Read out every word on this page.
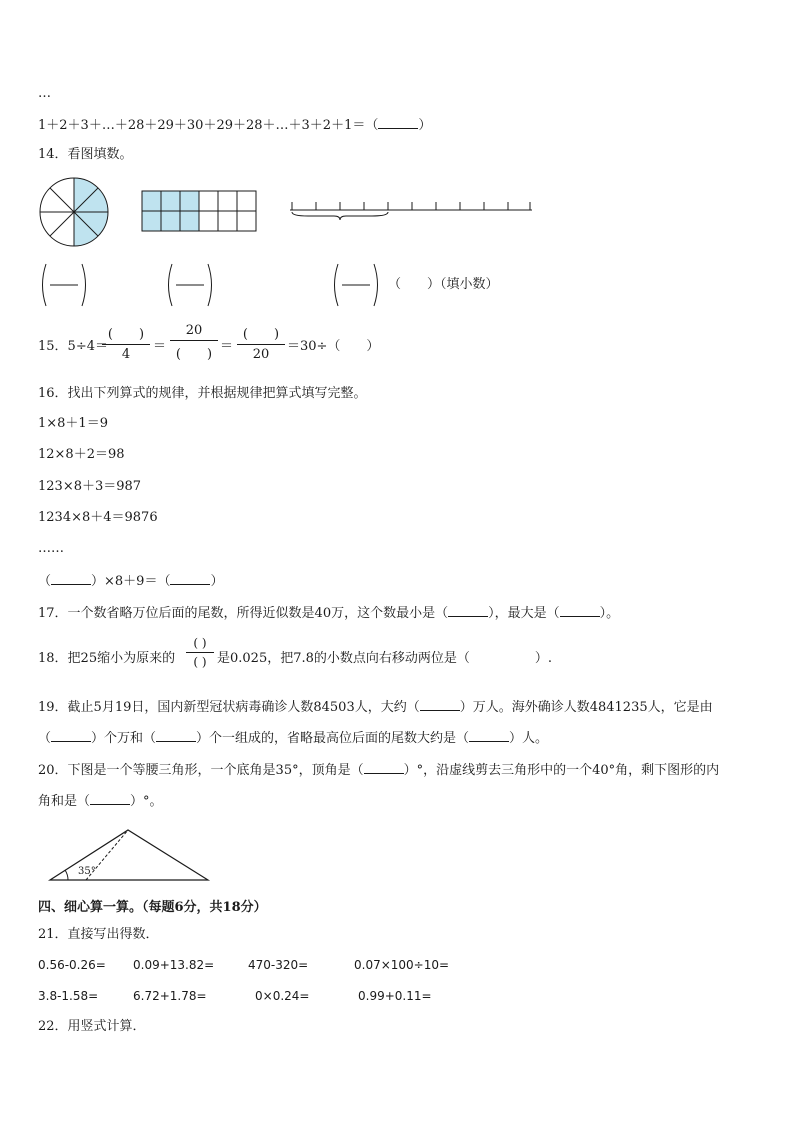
…
1＋2＋3＋…＋28＋29＋30＋29＋28＋…＋3＋2＋1＝（	）
14．看图填数。
（　　）（填小数）
15．5÷4＝
(　　)
4
＝
20
(　　)
＝
(　　)
20
＝30÷（　　）
16．找出下列算式的规律，并根据规律把算式填写完整。
1×8＋1＝9
12×8＋2＝98
123×8＋3＝987
1234×8＋4＝9876
……
（	）×8＋9＝（	）
17．一个数省略万位后面的尾数，所得近似数是40万，这个数最小是（	），最大是（	）。
18．把25缩小为原来的
( )
( ) 是0.025，把7.8的小数点向右移动两位是（　　　　　）.
19．截止5月19日，国内新型冠状病毒确诊人数84503人，大约（	）万人。海外确诊人数4841235人，它是由
（	）个万和（	）个一组成的，省略最高位后面的尾数大约是（	）人。
20．下图是一个等腰三角形，一个底角是35°，顶角是（	）°，沿虚线剪去三角形中的一个40°角，剩下图形的内
角和是（	）°。
35°
四、细心算一算。（每题6分，共18分）
21．直接写出得数．
0.56-0.26= 0.09+13.82=	470-320=	0.07×100÷10=
3.8-1.58=	6.72+1.78=	0×0.24=	0.99+0.11=
22．用竖式计算．
